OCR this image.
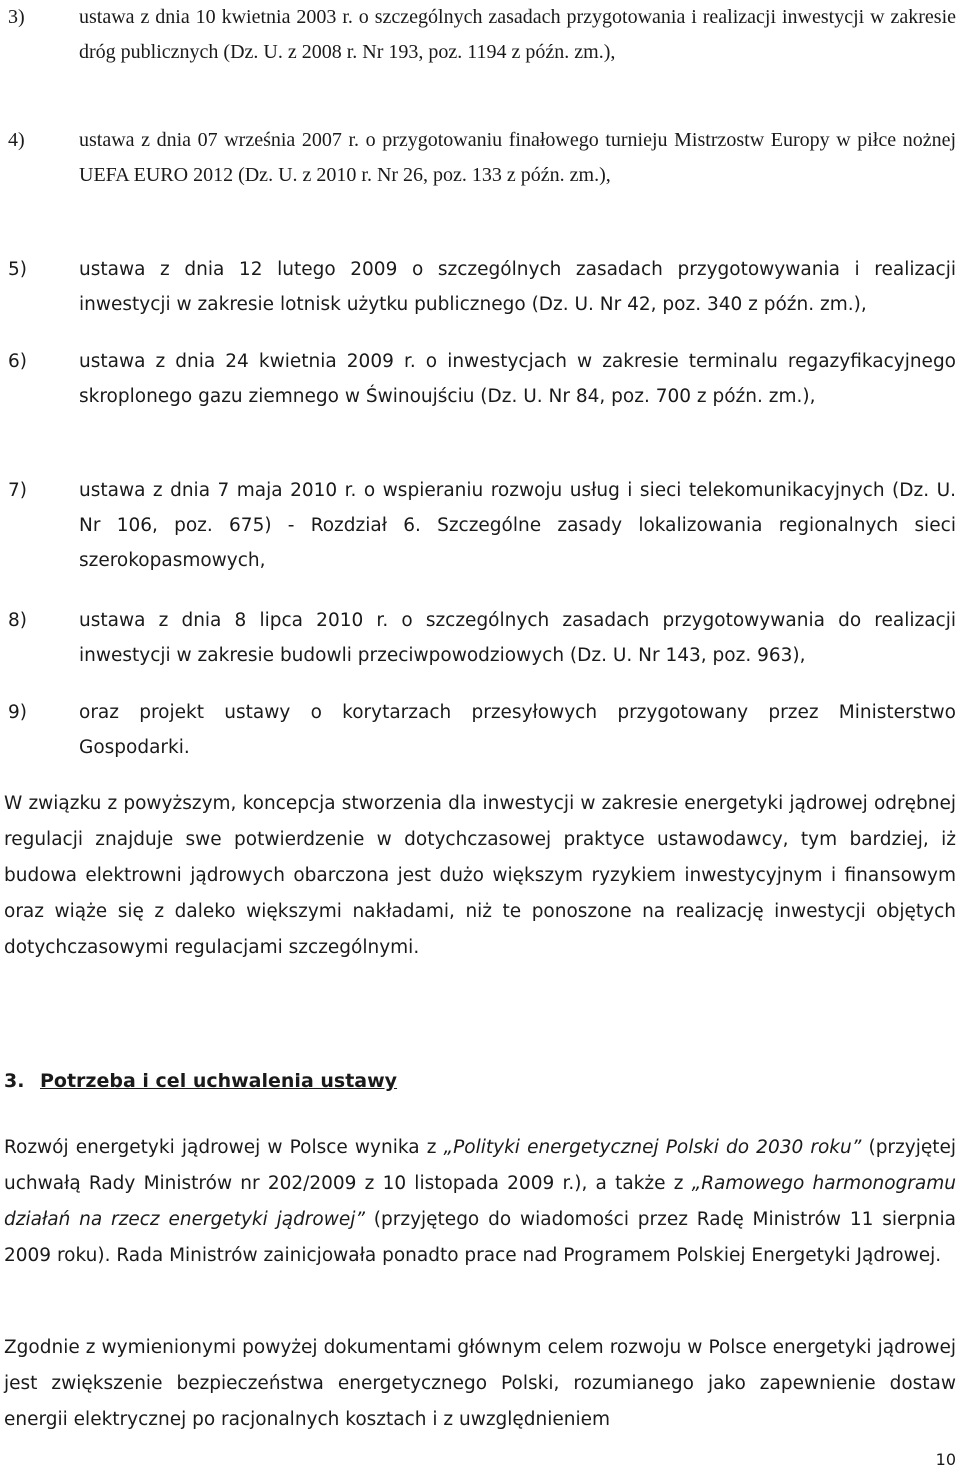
3)	ustawa z dnia 10 kwietnia 2003 r. o szczególnych zasadach przygotowania i realizacji inwestycji w zakresie dróg publicznych (Dz. U. z 2008 r. Nr 193, poz. 1194 z późn. zm.),
4)	ustawa z dnia 07 września 2007 r. o przygotowaniu finałowego turnieju Mistrzostw Europy w piłce nożnej UEFA EURO 2012 (Dz. U. z 2010 r. Nr 26, poz. 133 z późn. zm.),
5)	ustawa z dnia 12 lutego 2009 o szczególnych zasadach przygotowywania i realizacji inwestycji w zakresie lotnisk użytku publicznego (Dz. U. Nr 42, poz. 340 z późn. zm.),
6)	ustawa z dnia 24 kwietnia 2009 r. o inwestycjach w zakresie terminalu regazyfikacyjnego skroplonego gazu ziemnego w Świnoujściu (Dz. U. Nr 84, poz. 700 z późn. zm.),
7)	ustawa z dnia 7 maja 2010 r. o wspieraniu rozwoju usług i sieci telekomunikacyjnych (Dz. U. Nr 106, poz. 675) - Rozdział 6. Szczególne zasady lokalizowania regionalnych sieci szerokopasmowych,
8)	ustawa z dnia 8 lipca 2010 r. o szczególnych zasadach przygotowywania do realizacji inwestycji w zakresie budowli przeciwpowodziowych (Dz. U. Nr 143, poz. 963),
9)	oraz projekt ustawy o korytarzach przesyłowych przygotowany przez Ministerstwo Gospodarki.
W związku z powyższym, koncepcja stworzenia dla inwestycji w zakresie energetyki jądrowej odrębnej regulacji znajduje swe potwierdzenie w dotychczasowej praktyce ustawodawcy, tym bardziej, iż budowa elektrowni jądrowych obarczona jest dużo większym ryzykiem inwestycyjnym i finansowym oraz wiąże się z daleko większymi nakładami, niż te ponoszone na realizację inwestycji objętych dotychczasowymi regulacjami szczególnymi.
3. Potrzeba i cel uchwalenia ustawy
Rozwój energetyki jądrowej w Polsce wynika z „Polityki energetycznej Polski do 2030 roku” (przyjętej uchwałą Rady Ministrów nr 202/2009 z 10 listopada 2009 r.), a także z „Ramowego harmonogramu działań na rzecz energetyki jądrowej” (przyjętego do wiadomości przez Radę Ministrów 11 sierpnia 2009 roku). Rada Ministrów zainicjowała ponadto prace nad Programem Polskiej Energetyki Jądrowej.
Zgodnie z wymienionymi powyżej dokumentami głównym celem rozwoju w Polsce energetyki jądrowej jest zwiększenie bezpieczeństwa energetycznego Polski, rozumianego jako zapewnienie dostaw energii elektrycznej po racjonalnych kosztach i z uwzględnieniem
10
